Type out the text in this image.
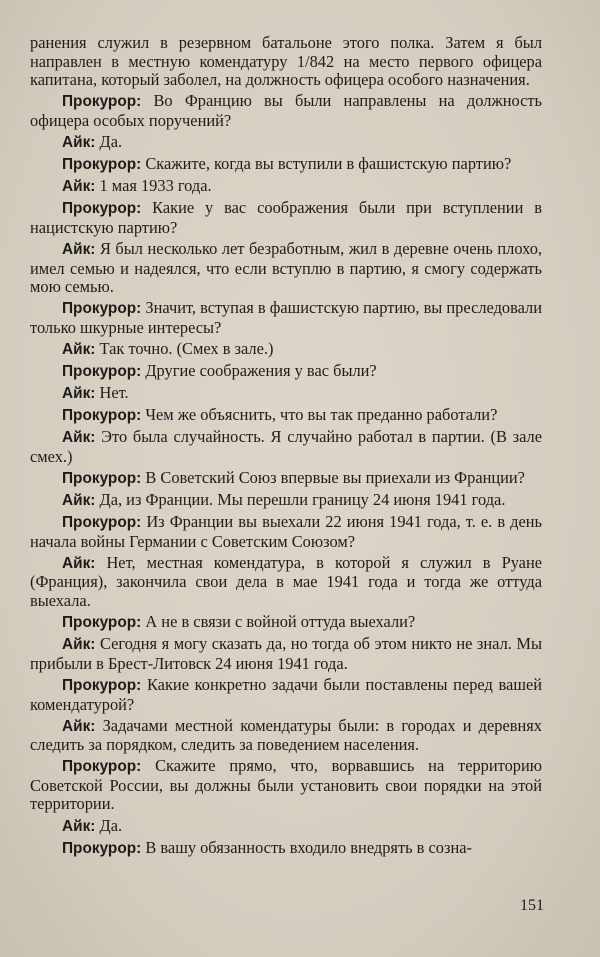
ранения служил в резервном батальоне этого полка. Затем я был направлен в местную комендатуру 1/842 на место первого офицера капитана, который заболел, на должность офицера особого назначения.

Прокурор: Во Францию вы были направлены на должность офицера особых поручений?

Айк: Да.

Прокурор: Скажите, когда вы вступили в фашистскую партию?

Айк: 1 мая 1933 года.

Прокурор: Какие у вас соображения были при вступлении в нацистскую партию?

Айк: Я был несколько лет безработным, жил в деревне очень плохо, имел семью и надеялся, что если вступлю в партию, я смогу содержать мою семью.

Прокурор: Значит, вступая в фашистскую партию, вы преследовали только шкурные интересы?

Айк: Так точно. (Смех в зале.)

Прокурор: Другие соображения у вас были?

Айк: Нет.

Прокурор: Чем же объяснить, что вы так преданно работали?

Айк: Это была случайность. Я случайно работал в партии. (В зале смех.)

Прокурор: В Советский Союз впервые вы приехали из Франции?

Айк: Да, из Франции. Мы перешли границу 24 июня 1941 года.

Прокурор: Из Франции вы выехали 22 июня 1941 года, т. е. в день начала войны Германии с Советским Союзом?

Айк: Нет, местная комендатура, в которой я служил в Руане (Франция), закончила свои дела в мае 1941 года и тогда же оттуда выехала.

Прокурор: А не в связи с войной оттуда выехали?

Айк: Сегодня я могу сказать да, но тогда об этом никто не знал. Мы прибыли в Брест-Литовск 24 июня 1941 года.

Прокурор: Какие конкретно задачи были поставлены перед вашей комендатурой?

Айк: Задачами местной комендатуры были: в городах и деревнях следить за порядком, следить за поведением населения.

Прокурор: Скажите прямо, что, ворвавшись на территорию Советской России, вы должны были установить свои порядки на этой территории.

Айк: Да.

Прокурор: В вашу обязанность входило внедрять в созна-

151
